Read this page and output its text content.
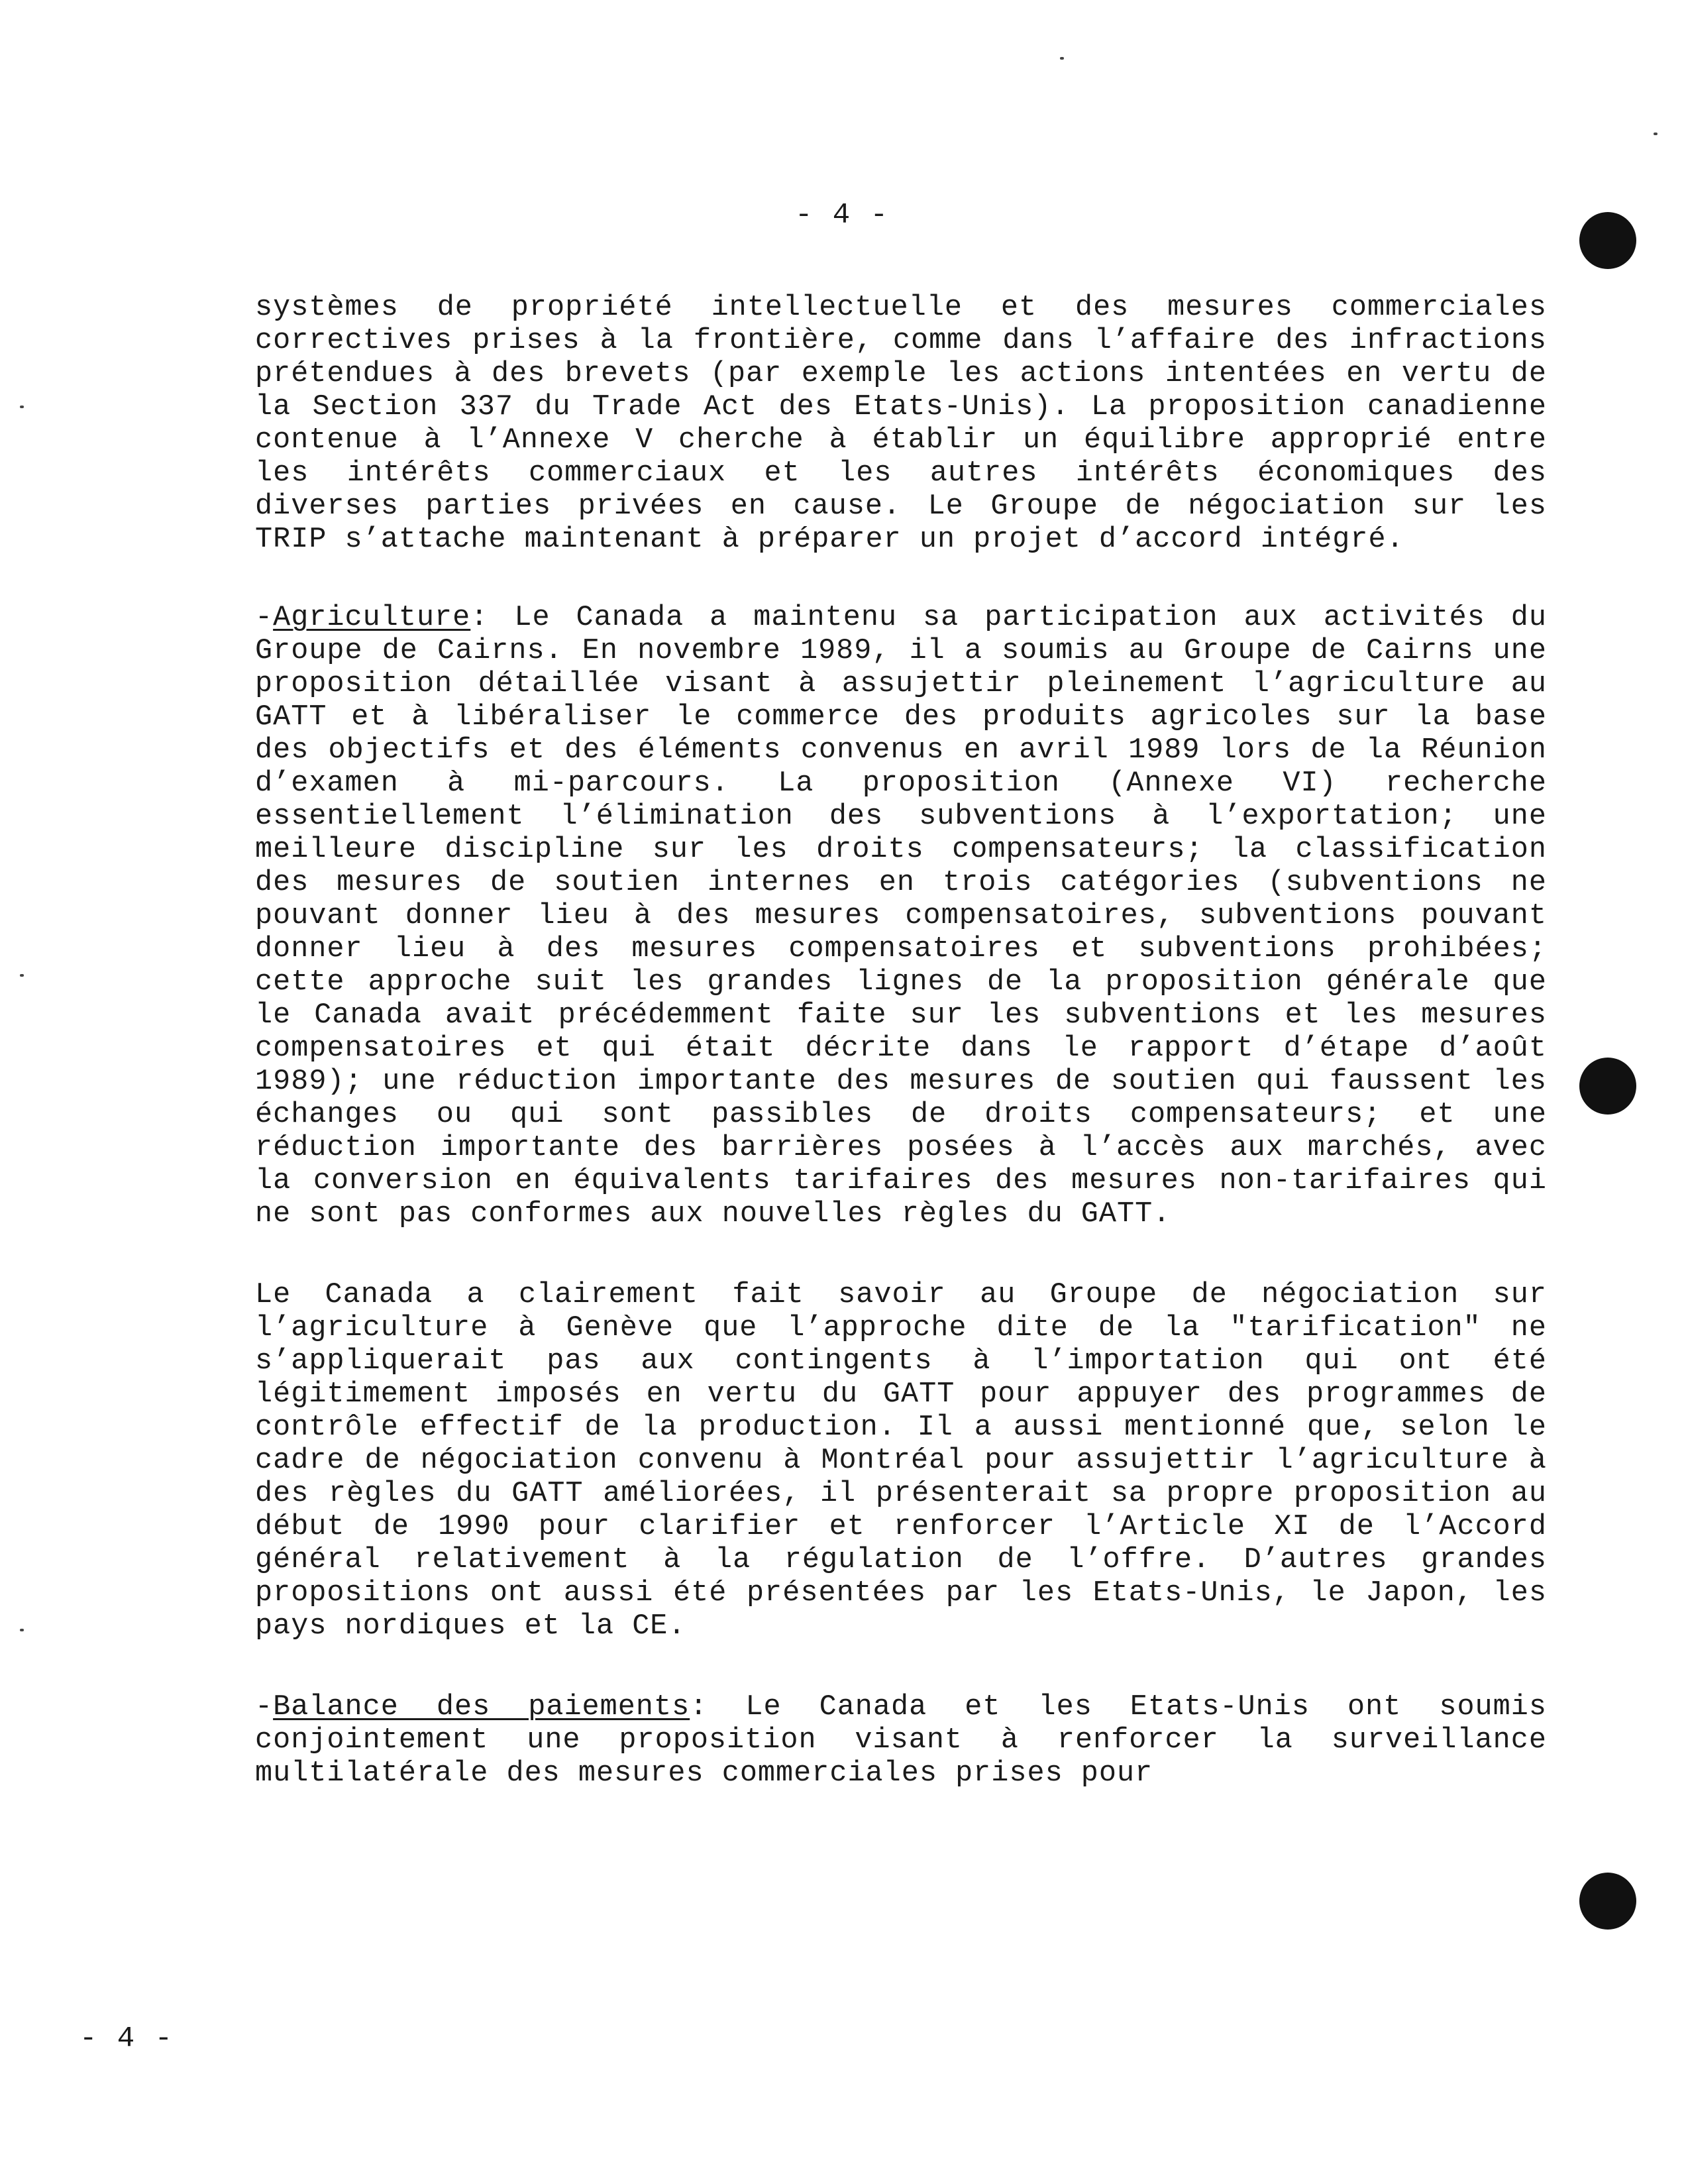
- 4 -

systèmes de propriété intellectuelle et des mesures commerciales correctives prises à la frontière, comme dans l’affaire des infractions prétendues à des brevets (par exemple les actions intentées en vertu de la Section 337 du Trade Act des Etats-Unis). La proposition canadienne contenue à l’Annexe V cherche à établir un équilibre approprié entre les intérêts commerciaux et les autres intérêts économiques des diverses parties privées en cause. Le Groupe de négociation sur les TRIP s’attache maintenant à préparer un projet d’accord intégré.

-Agriculture: Le Canada a maintenu sa participation aux activités du Groupe de Cairns. En novembre 1989, il a soumis au Groupe de Cairns une proposition détaillée visant à assujettir pleinement l’agriculture au GATT et à libéraliser le commerce des produits agricoles sur la base des objectifs et des éléments convenus en avril 1989 lors de la Réunion d’examen à mi-parcours. La proposition (Annexe VI) recherche essentiellement l’élimination des subventions à l’exportation; une meilleure discipline sur les droits compensateurs; la classification des mesures de soutien internes en trois catégories (subventions ne pouvant donner lieu à des mesures compensatoires, subventions pouvant donner lieu à des mesures compensatoires et subventions prohibées; cette approche suit les grandes lignes de la proposition générale que le Canada avait précédemment faite sur les subventions et les mesures compensatoires et qui était décrite dans le rapport d’étape d’août 1989); une réduction importante des mesures de soutien qui faussent les échanges ou qui sont passibles de droits compensateurs; et une réduction importante des barrières posées à l’accès aux marchés, avec la conversion en équivalents tarifaires des mesures non-tarifaires qui ne sont pas conformes aux nouvelles règles du GATT.

Le Canada a clairement fait savoir au Groupe de négociation sur l’agriculture à Genève que l’approche dite de la "tarification" ne s’appliquerait pas aux contingents à l’importation qui ont été légitimement imposés en vertu du GATT pour appuyer des programmes de contrôle effectif de la production. Il a aussi mentionné que, selon le cadre de négociation convenu à Montréal pour assujettir l’agriculture à des règles du GATT améliorées, il présenterait sa propre proposition au début de 1990 pour clarifier et renforcer l’Article XI de l’Accord général relativement à la régulation de l’offre. D’autres grandes propositions ont aussi été présentées par les Etats-Unis, le Japon, les pays nordiques et la CE.

-Balance des paiements: Le Canada et les Etats-Unis ont soumis conjointement une proposition visant à renforcer la surveillance multilatérale des mesures commerciales prises pour

- 4 -
